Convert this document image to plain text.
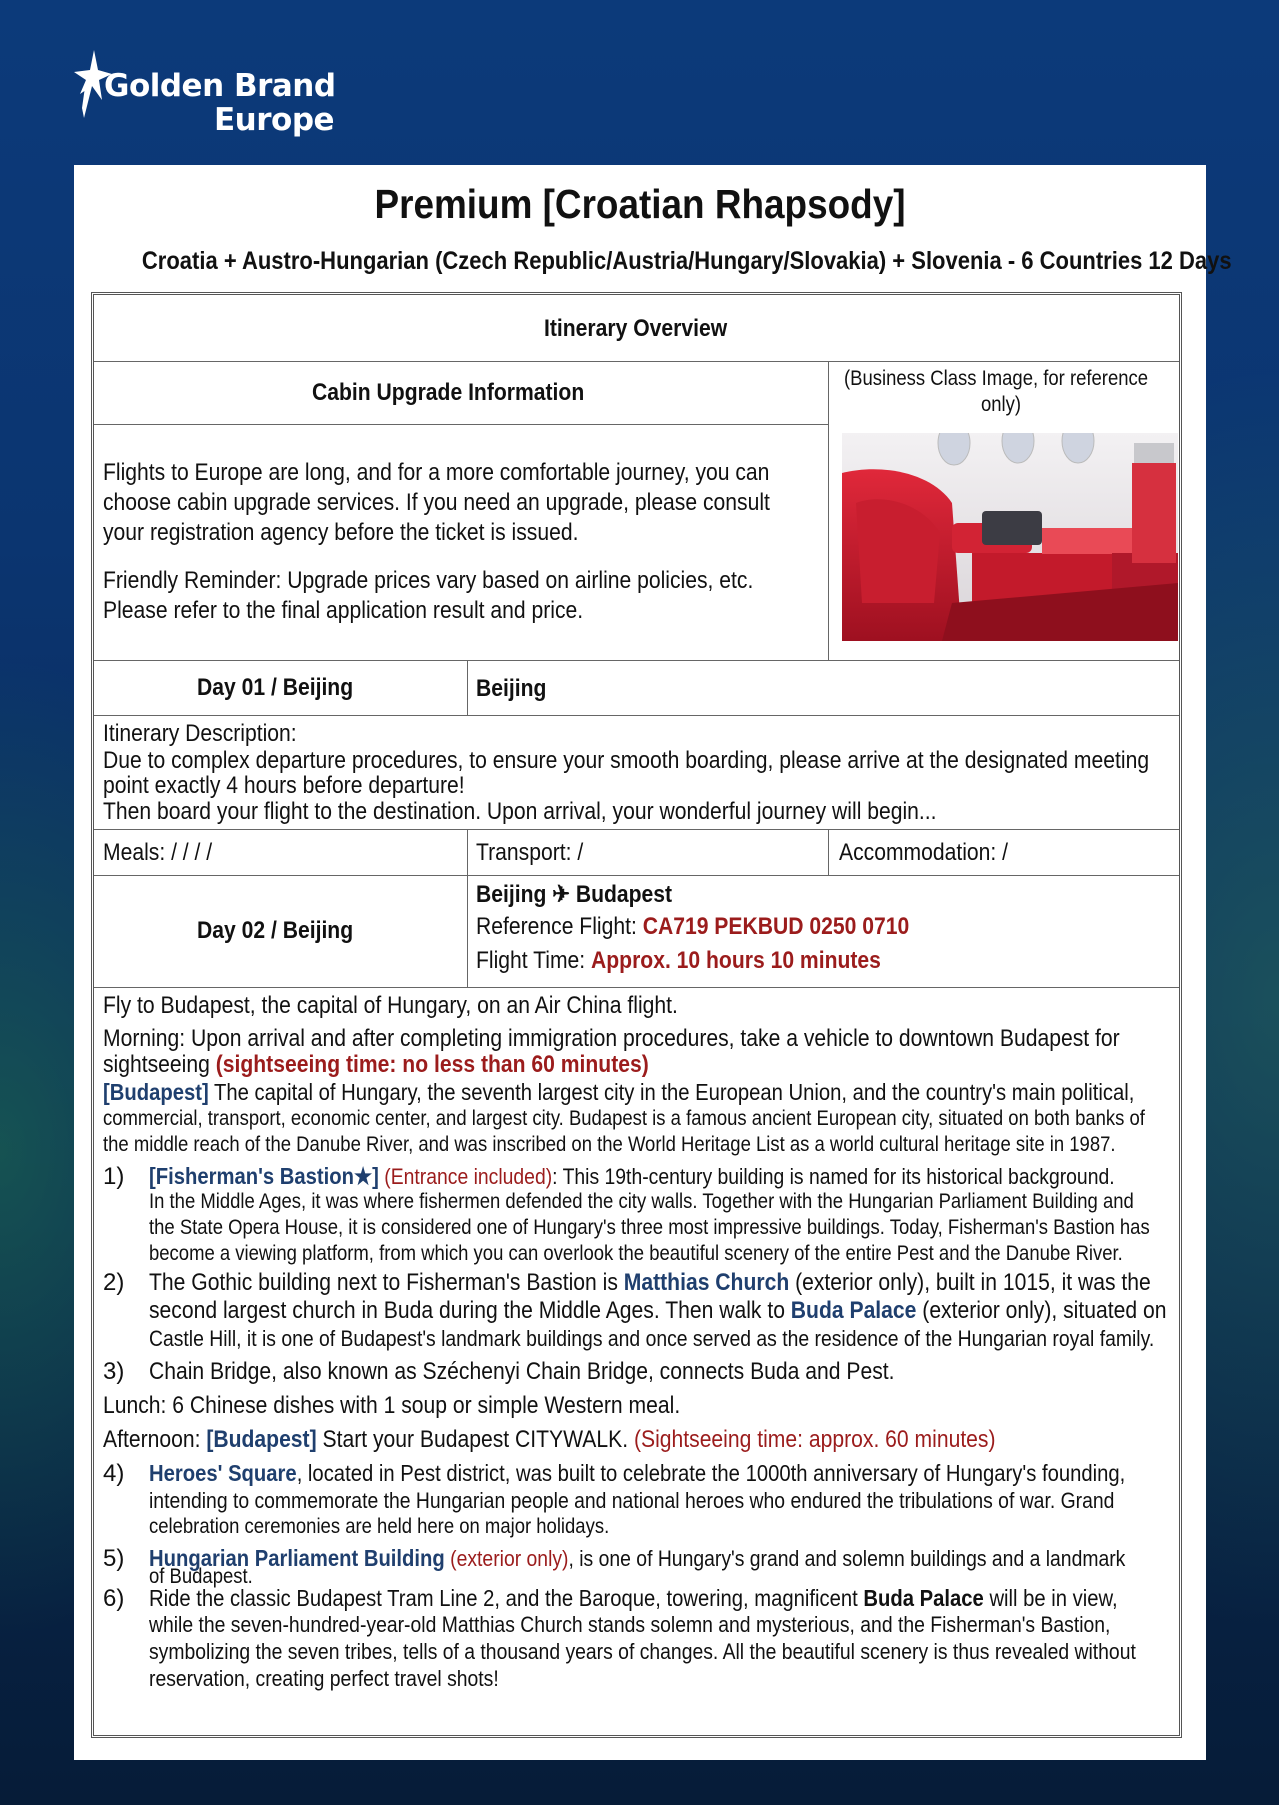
Golden Brand
Europe
Premium [Croatian Rhapsody]
Croatia + Austro-Hungarian (Czech Republic/Austria/Hungary/Slovakia) + Slovenia - 6 Countries 12 Days
Itinerary Overview
Cabin Upgrade Information
(Business Class Image, for reference
only)
Flights to Europe are long, and for a more comfortable journey, you can
choose cabin upgrade services. If you need an upgrade, please consult
your registration agency before the ticket is issued.
Friendly Reminder: Upgrade prices vary based on airline policies, etc.
Please refer to the final application result and price.
Day 01 / Beijing	Beijing
Itinerary Description:
Due to complex departure procedures, to ensure your smooth boarding, please arrive at the designated meeting
point exactly 4 hours before departure!
Then board your flight to the destination. Upon arrival, your wonderful journey will begin...
Meals: / / / /	Transport: /	Accommodation: /
Day 02 / Beijing
Beijing ✈ Budapest
Reference Flight: CA719 PEKBUD 0250 0710
Flight Time: Approx. 10 hours 10 minutes
Fly to Budapest, the capital of Hungary, on an Air China flight.
Morning: Upon arrival and after completing immigration procedures, take a vehicle to downtown Budapest for
sightseeing (sightseeing time: no less than 60 minutes)
[Budapest] The capital of Hungary, the seventh largest city in the European Union, and the country's main political,
commercial, transport, economic center, and largest city. Budapest is a famous ancient European city, situated on both banks of
the middle reach of the Danube River, and was inscribed on the World Heritage List as a world cultural heritage site in 1987.
1) [Fisherman's Bastion★] (Entrance included): This 19th-century building is named for its historical background.
In the Middle Ages, it was where fishermen defended the city walls. Together with the Hungarian Parliament Building and
the State Opera House, it is considered one of Hungary's three most impressive buildings. Today, Fisherman's Bastion has
become a viewing platform, from which you can overlook the beautiful scenery of the entire Pest and the Danube River.
2) The Gothic building next to Fisherman's Bastion is Matthias Church (exterior only), built in 1015, it was the
second largest church in Buda during the Middle Ages. Then walk to Buda Palace (exterior only), situated on
Castle Hill, it is one of Budapest's landmark buildings and once served as the residence of the Hungarian royal family.
3) Chain Bridge, also known as Széchenyi Chain Bridge, connects Buda and Pest.
Lunch: 6 Chinese dishes with 1 soup or simple Western meal.
Afternoon: [Budapest] Start your Budapest CITYWALK. (Sightseeing time: approx. 60 minutes)
4) Heroes' Square, located in Pest district, was built to celebrate the 1000th anniversary of Hungary's founding,
intending to commemorate the Hungarian people and national heroes who endured the tribulations of war. Grand
celebration ceremonies are held here on major holidays.
5) Hungarian Parliament Building (exterior only), is one of Hungary's grand and solemn buildings and a landmark
of Budapest.
6) Ride the classic Budapest Tram Line 2, and the Baroque, towering, magnificent Buda Palace will be in view,
while the seven-hundred-year-old Matthias Church stands solemn and mysterious, and the Fisherman's Bastion,
symbolizing the seven tribes, tells of a thousand years of changes. All the beautiful scenery is thus revealed without
reservation, creating perfect travel shots!
